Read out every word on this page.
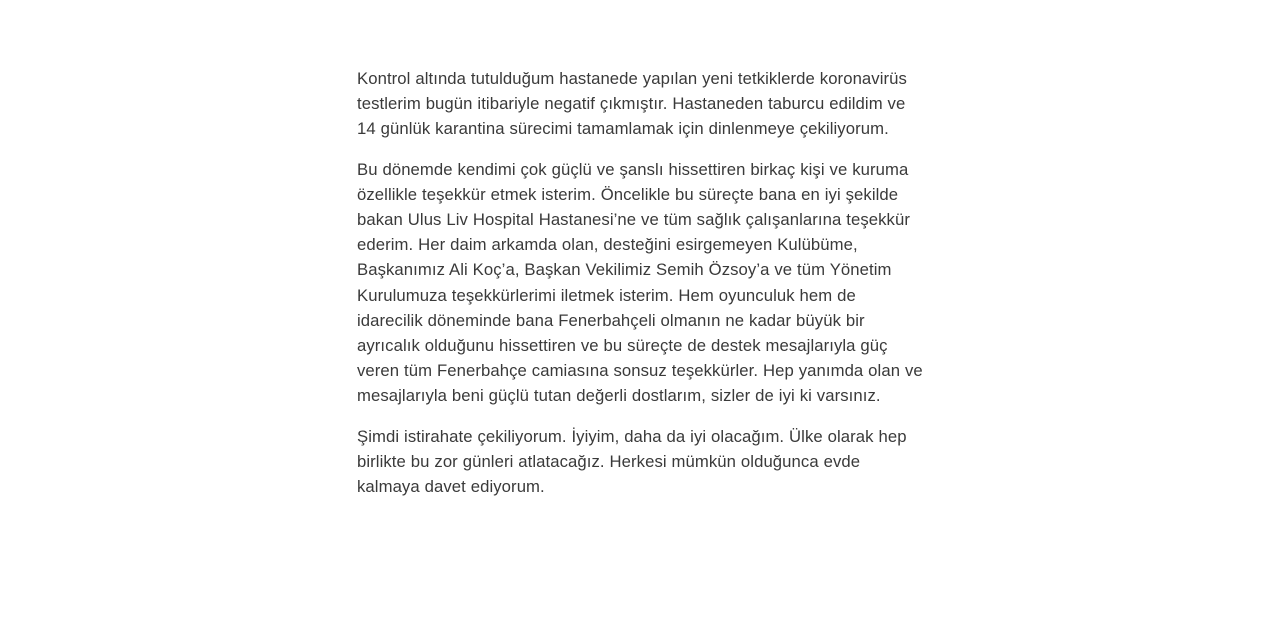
Kontrol altında tutulduğum hastanede yapılan yeni tetkiklerde koronavirüs testlerim bugün itibariyle negatif çıkmıştır. Hastaneden taburcu edildim ve 14 günlük karantina sürecimi tamamlamak için dinlenmeye çekiliyorum.

Bu dönemde kendimi çok güçlü ve şanslı hissettiren birkaç kişi ve kuruma özellikle teşekkür etmek isterim. Öncelikle bu süreçte bana en iyi şekilde bakan Ulus Liv Hospital Hastanesi’ne ve tüm sağlık çalışanlarına teşekkür ederim. Her daim arkamda olan, desteğini esirgemeyen Kulübüme, Başkanımız Ali Koç’a, Başkan Vekilimiz Semih Özsoy’a ve tüm Yönetim Kurulumuza teşekkürlerimi iletmek isterim. Hem oyunculuk hem de idarecilik döneminde bana Fenerbahçeli olmanın ne kadar büyük bir ayrıcalık olduğunu hissettiren ve bu süreçte de destek mesajlarıyla güç veren tüm Fenerbahçe camiasına sonsuz teşekkürler. Hep yanımda olan ve mesajlarıyla beni güçlü tutan değerli dostlarım, sizler de iyi ki varsınız.

Şimdi istirahate çekiliyorum. İyiyim, daha da iyi olacağım. Ülke olarak hep birlikte bu zor günleri atlatacağız. Herkesi mümkün olduğunca evde kalmaya davet ediyorum.
